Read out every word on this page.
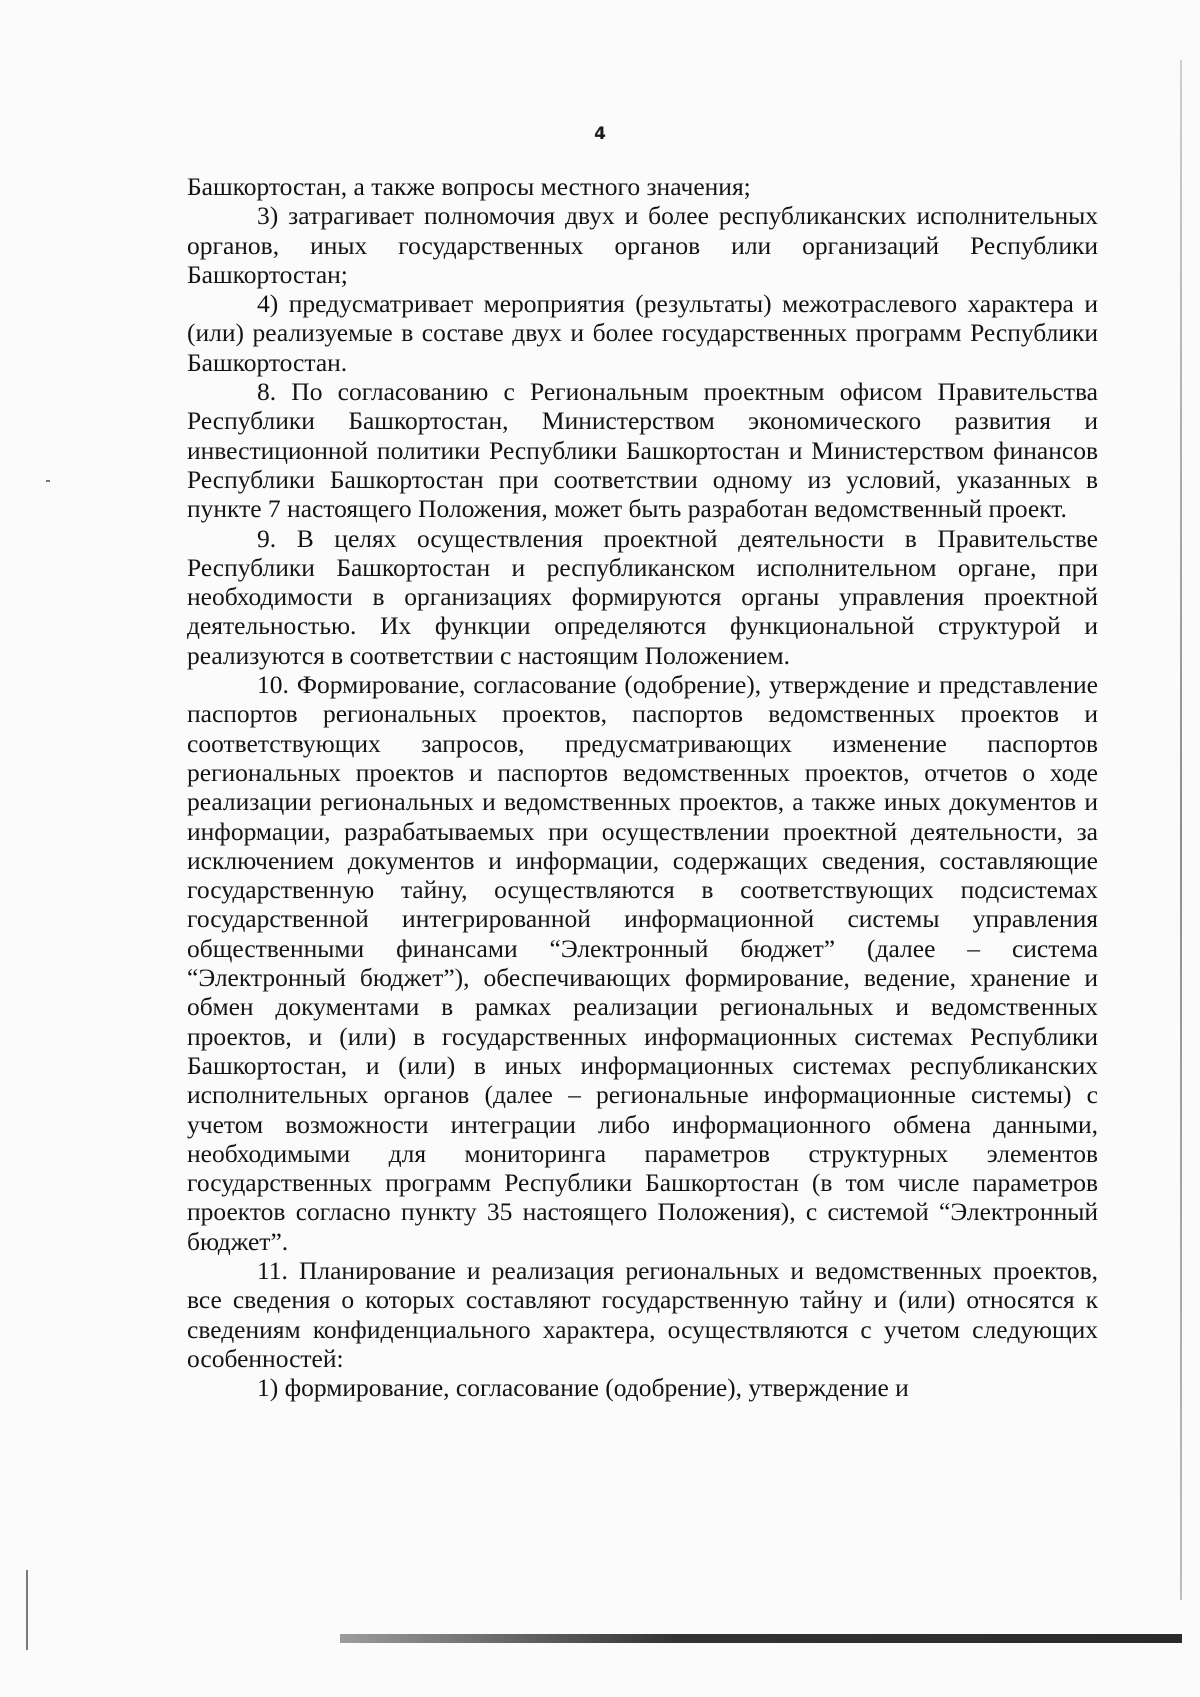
4

Башкортостан, а также вопросы местного значения;

3) затрагивает полномочия двух и более республиканских исполнительных органов, иных государственных органов или организаций Республики Башкортостан;

4) предусматривает мероприятия (результаты) межотраслевого характера и (или) реализуемые в составе двух и более государственных программ Республики Башкортостан.

8. По согласованию с Региональным проектным офисом Правительства Республики Башкортостан, Министерством экономического развития и инвестиционной политики Республики Башкортостан и Министерством финансов Республики Башкортостан при соответствии одному из условий, указанных в пункте 7 настоящего Положения, может быть разработан ведомственный проект.

9. В целях осуществления проектной деятельности в Правительстве Республики Башкортостан и республиканском исполнительном органе, при необходимости в организациях формируются органы управления проектной деятельностью. Их функции определяются функциональной структурой и реализуются в соответствии с настоящим Положением.

10. Формирование, согласование (одобрение), утверждение и представление паспортов региональных проектов, паспортов ведомственных проектов и соответствующих запросов, предусматривающих изменение паспортов региональных проектов и паспортов ведомственных проектов, отчетов о ходе реализации региональных и ведомственных проектов, а также иных документов и информации, разрабатываемых при осуществлении проектной деятельности, за исключением документов и информации, содержащих сведения, составляющие государственную тайну, осуществляются в соответствующих подсистемах государственной интегрированной информационной системы управления общественными финансами “Электронный бюджет” (далее – система “Электронный бюджет”), обеспечивающих формирование, ведение, хранение и обмен документами в рамках реализации региональных и ведомственных проектов, и (или) в государственных информационных системах Республики Башкортостан, и (или) в иных информационных системах республиканских исполнительных органов (далее – региональные информационные системы) с учетом возможности интеграции либо информационного обмена данными, необходимыми для мониторинга параметров структурных элементов государственных программ Республики Башкортостан (в том числе параметров проектов согласно пункту 35 настоящего Положения), с системой “Электронный бюджет”.

11. Планирование и реализация региональных и ведомственных проектов, все сведения о которых составляют государственную тайну и (или) относятся к сведениям конфиденциального характера, осуществляются с учетом следующих особенностей:

1) формирование, согласование (одобрение), утверждение и
